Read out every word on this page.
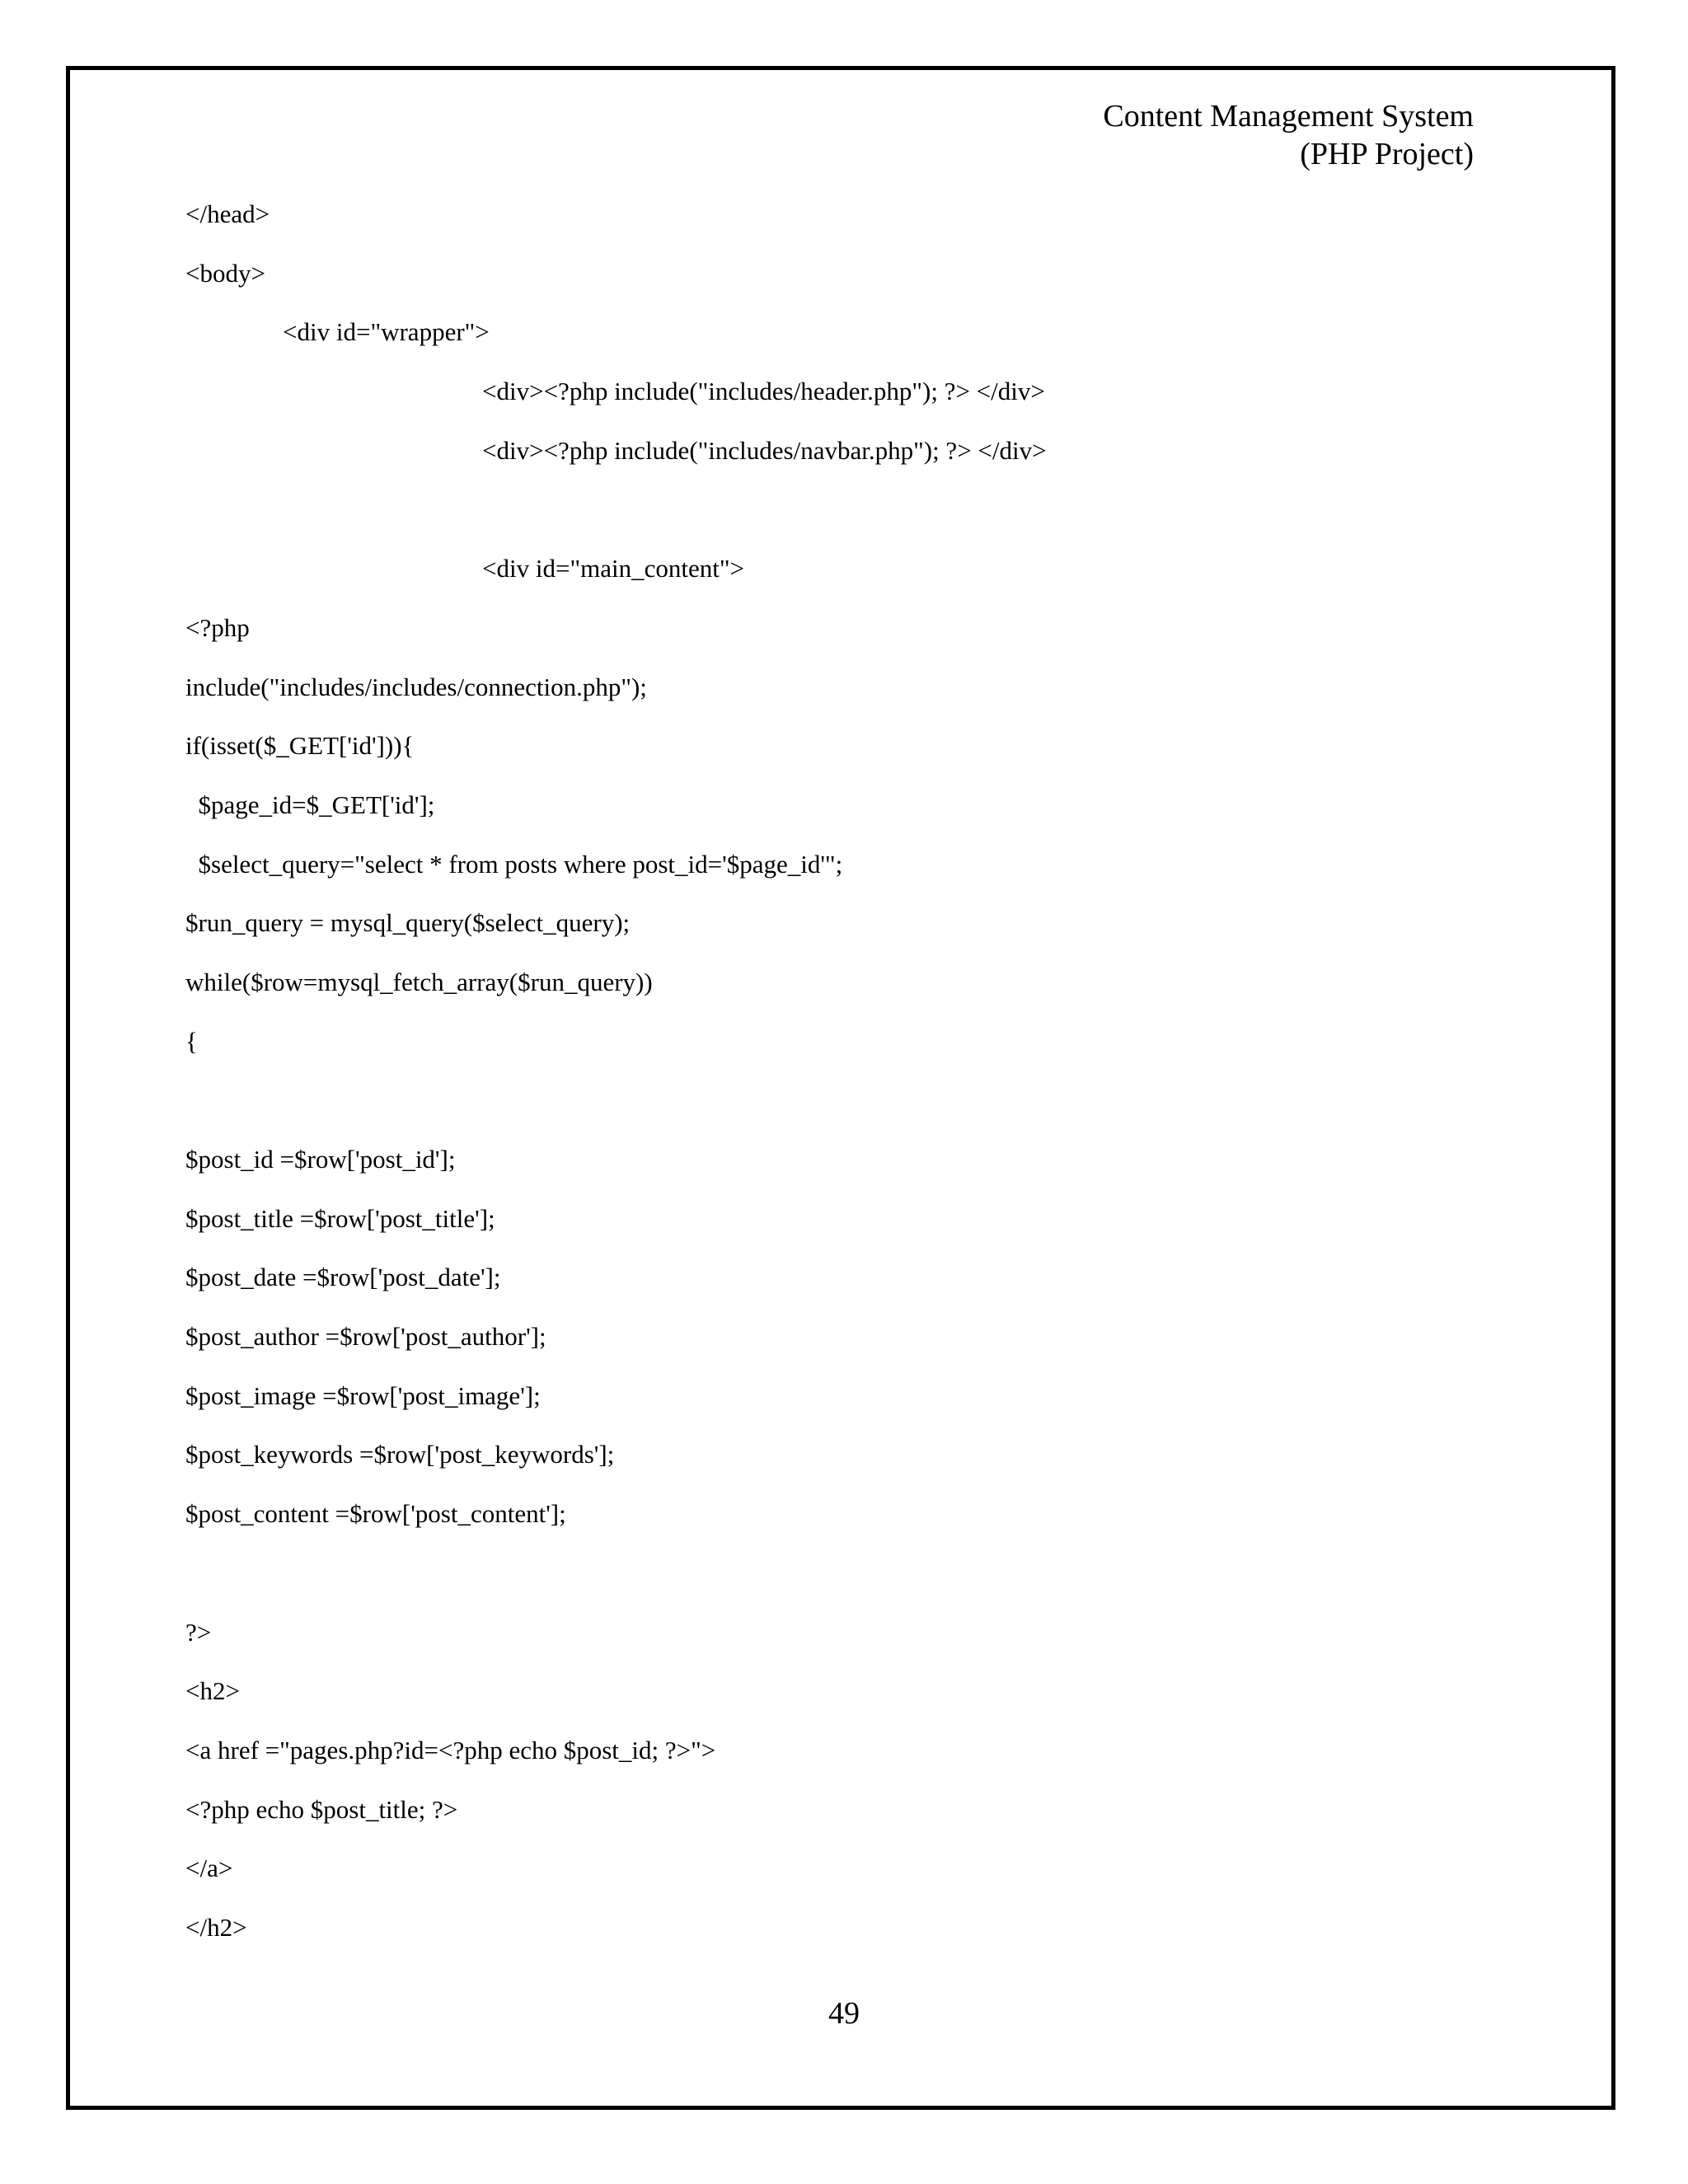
Content Management System
(PHP Project)
</head>
<body>
<div id="wrapper">
<div><?php include("includes/header.php"); ?> </div>
<div><?php include("includes/navbar.php"); ?> </div>
<div id="main_content">
<?php
include("includes/includes/connection.php");
if(isset($_GET['id'])){
$page_id=$_GET['id'];
$select_query="select * from posts where post_id='$page_id'";
$run_query = mysql_query($select_query);
while($row=mysql_fetch_array($run_query))
{
$post_id =$row['post_id'];
$post_title =$row['post_title'];
$post_date =$row['post_date'];
$post_author =$row['post_author'];
$post_image =$row['post_image'];
$post_keywords =$row['post_keywords'];
$post_content =$row['post_content'];
?>
<h2>
<a href ="pages.php?id=<?php echo $post_id; ?>">
<?php echo $post_title; ?>
</a>
</h2>
49
